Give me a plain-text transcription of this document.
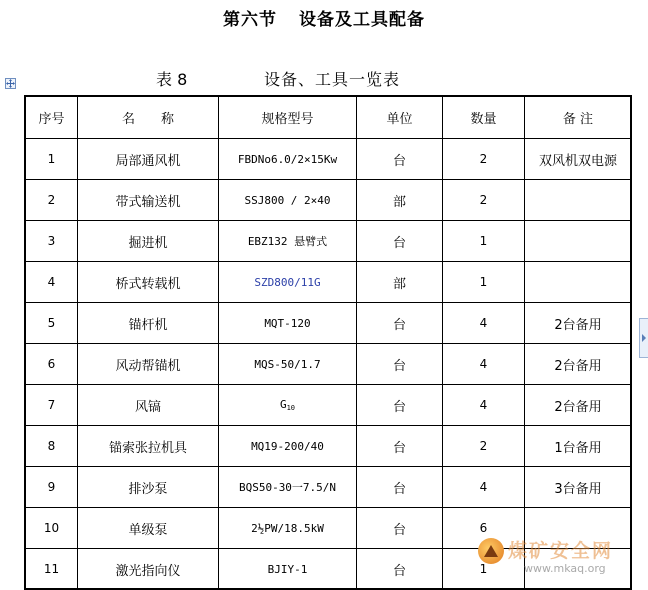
第六节 设备及工具配备
表 8	设备、工具一览表
序号	名　　称	规格型号	单位	数量	备 注
1	局部通风机	FBDNo6.0/2×15Kw	台	2	双风机双电源
2	带式输送机	SSJ800 / 2×40	部	2	
3	掘进机	EBZ132 悬臂式	台	1	
4	桥式转载机	SZD800/11G	部	1	
5	锚杆机	MQT-120	台	4	2台备用
6	风动帮锚机	MQS-50/1.7	台	4	2台备用
7	风镐	$G_{10}$	台	4	2台备用
8	锚索张拉机具	MQ19-200/40	台	2	1台备用
9	排沙泵	BQS50-30一7.5/N	台	4	3台备用
10	单级泵	2½PW/18.5kW	台	6	
11	激光指向仪	BJIY-1	台	1	
煤矿安全网
www.mkaq.org
